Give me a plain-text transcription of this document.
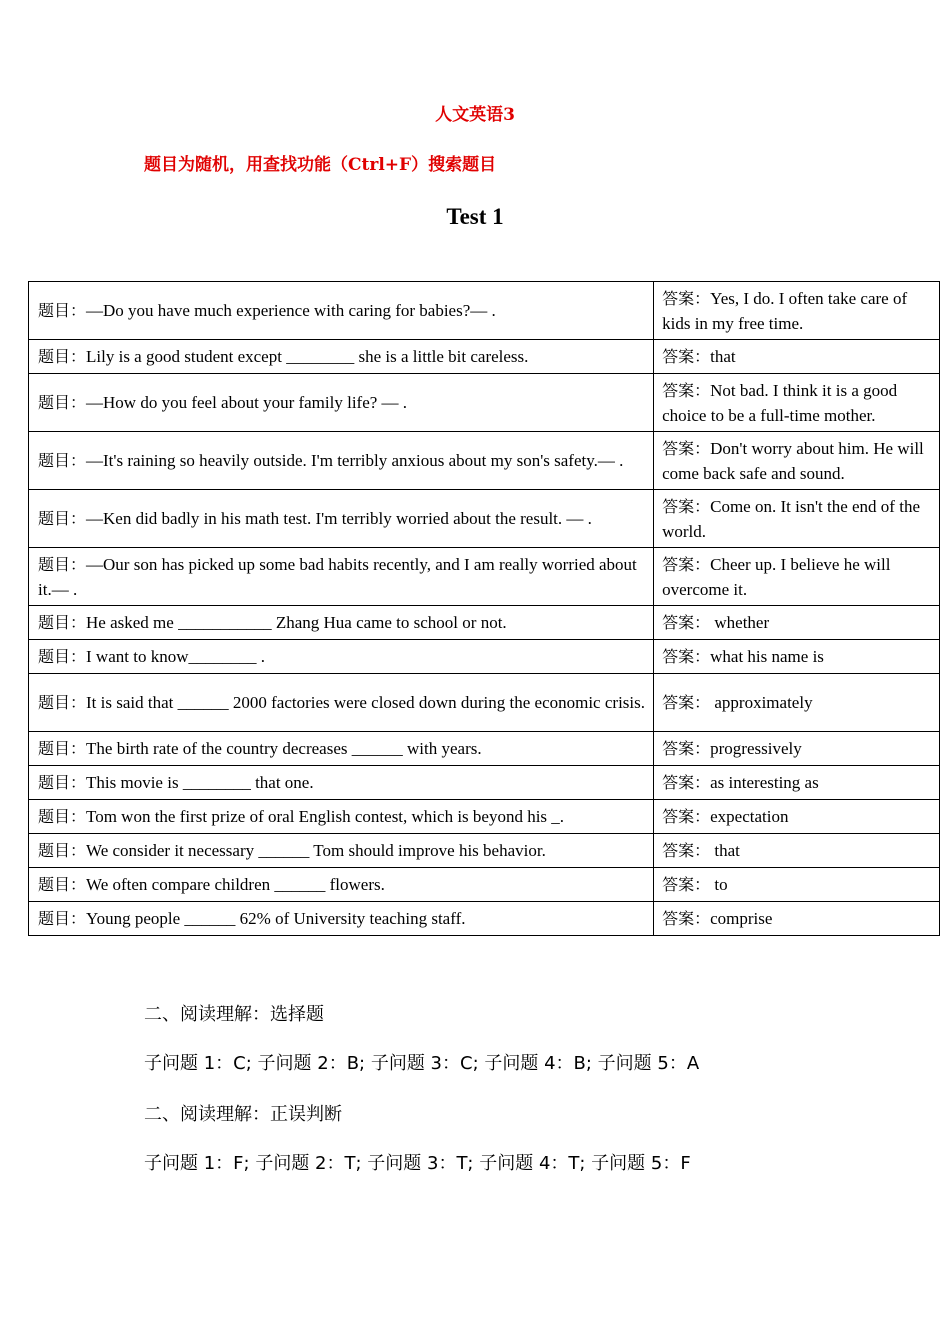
人文英语3
题目为随机，用查找功能（Ctrl+F）搜索题目
Test 1
题目：—Do you have much experience with caring for babies?— .	答案：Yes, I do. I often take care of kids in my free time.
题目：Lily is a good student except ________ she is a little bit careless.	答案：that
题目：—How do you feel about your family life? — .	答案：Not bad. I think it is a good choice to be a full-time mother.
题目：—It's raining so heavily outside. I'm terribly anxious about my son's safety.— .	答案：Don't worry about him. He will come back safe and sound.
题目：—Ken did badly in his math test. I'm terribly worried about the result. — .	答案：Come on. It isn't the end of the world.
题目：—Our son has picked up some bad habits recently, and I am really worried about it.— .	答案：Cheer up. I believe he will overcome it.
题目：He asked me ___________ Zhang Hua came to school or not.	答案： whether
题目：I want to know________ .	答案：what his name is
题目：It is said that ______ 2000 factories were closed down during the economic crisis.	答案： approximately
题目：The birth rate of the country decreases ______ with years.	答案：progressively
题目：This movie is ________ that one.	答案：as interesting as
题目：Tom won the first prize of oral English contest, which is beyond his _.	答案：expectation
题目：We consider it necessary ______ Tom should improve his behavior.	答案： that
题目：We often compare children ______ flowers.	答案： to
题目：Young people ______ 62% of University teaching staff.	答案：comprise
二、阅读理解：选择题
子问题 1：C; 子问题 2：B; 子问题 3：C; 子问题 4：B; 子问题 5：A
二、阅读理解：正误判断
子问题 1：F; 子问题 2：T; 子问题 3：T; 子问题 4：T; 子问题 5：F
